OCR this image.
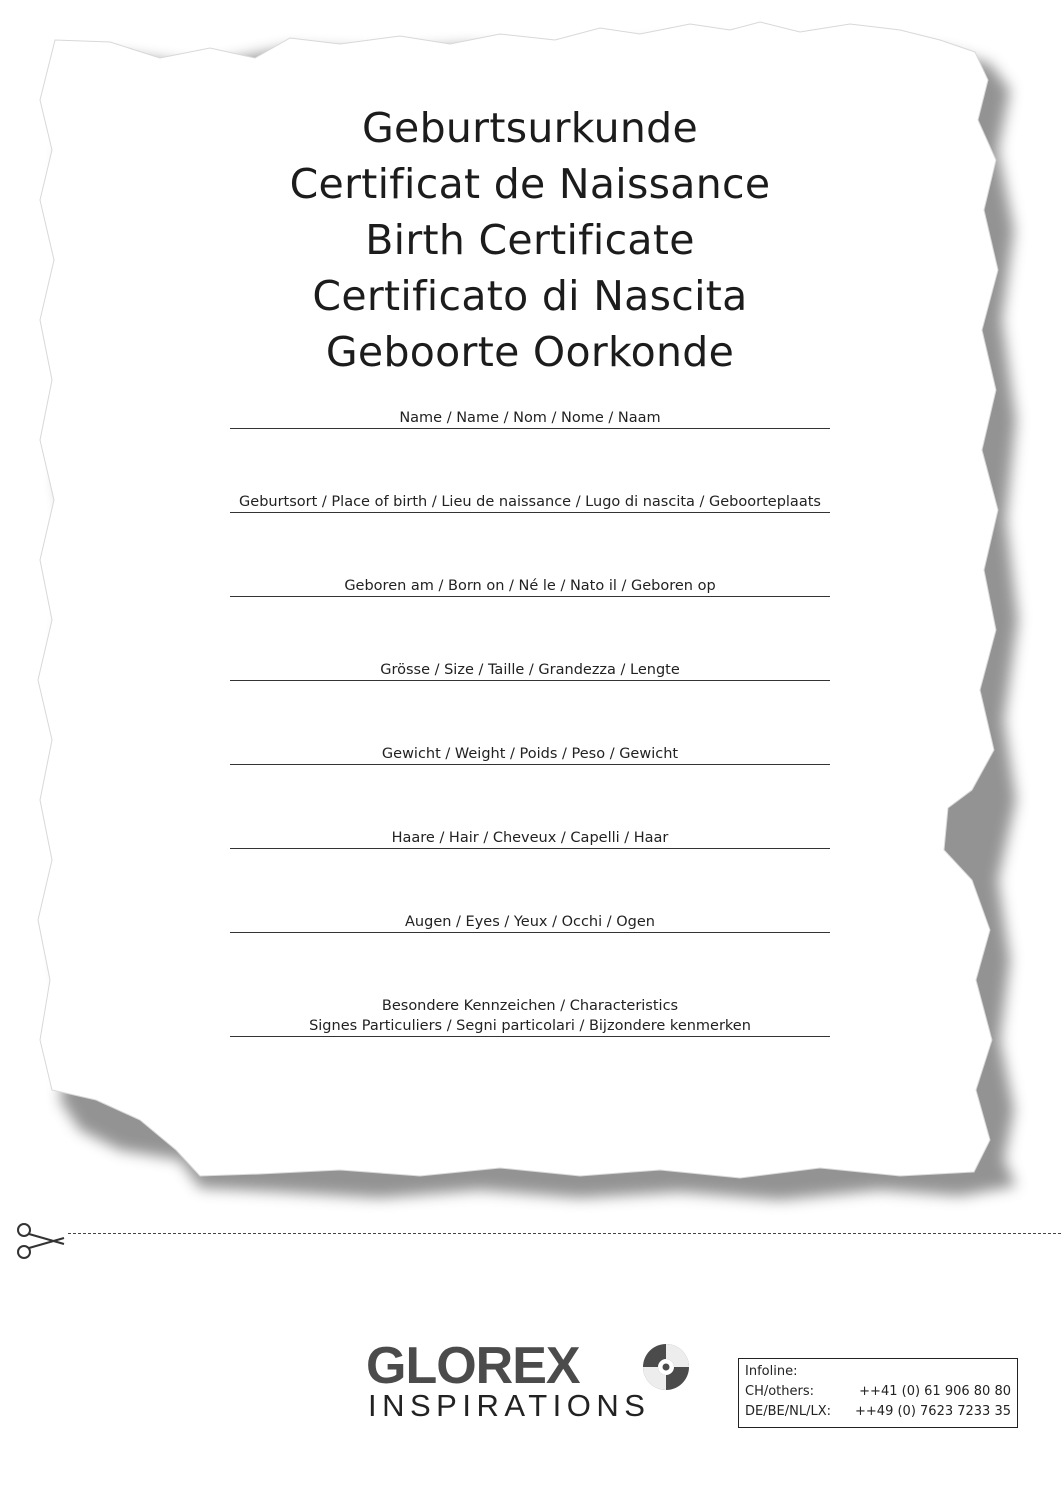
Geburtsurkunde
Certificat de Naissance
Birth Certificate
Certificato di Nascita
Geboorte Oorkonde
Name / Name / Nom / Nome / Naam
Geburtsort / Place of birth / Lieu de naissance / Lugo di nascita / Geboorteplaats
Geboren am / Born on / Né le / Nato il / Geboren op
Grösse / Size / Taille / Grandezza / Lengte
Gewicht / Weight / Poids / Peso / Gewicht
Haare / Hair / Cheveux / Capelli / Haar
Augen / Eyes / Yeux / Occhi / Ogen
Besondere Kennzeichen / Characteristics
Signes Particuliers / Segni particolari / Bijzondere kenmerken
GLOREX
INSPIRATIONS
Infoline:
CH/others:	++41 (0) 61 906 80 80
DE/BE/NL/LX: ++49 (0) 7623 7233 35
